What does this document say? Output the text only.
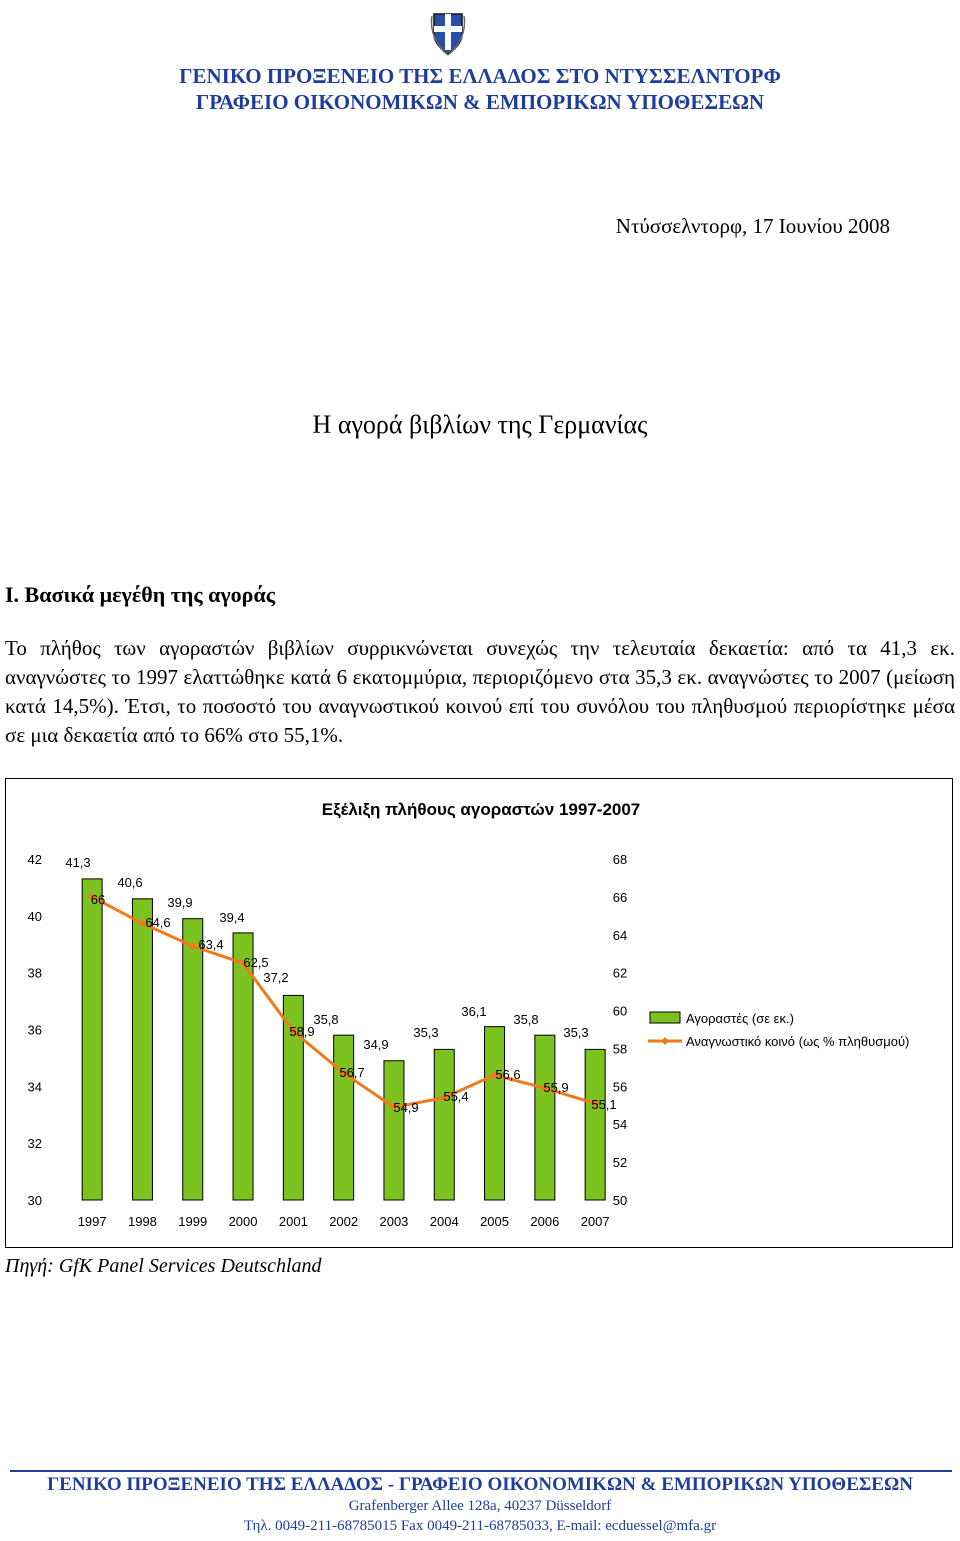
ΓΕΝΙΚΟ ΠΡΟΞΕΝΕΙΟ ΤΗΣ ΕΛΛΑΔΟΣ ΣΤΟ ΝΤΥΣΣΕΛΝΤΟΡΦ
ΓΡΑΦΕΙΟ ΟΙΚΟΝΟΜΙΚΩΝ & ΕΜΠΟΡΙΚΩΝ ΥΠΟΘΕΣΕΩΝ
Ντύσσελντορφ, 17 Ιουνίου 2008
Η αγορά βιβλίων της Γερμανίας
Ι. Βασικά μεγέθη της αγοράς
Το πλήθος των αγοραστών βιβλίων συρρικνώνεται συνεχώς την τελευταία δεκαετία: από τα 41,3 εκ. αναγνώστες το 1997 ελαττώθηκε κατά 6 εκατομμύρια, περιοριζόμενο στα 35,3 εκ. αναγνώστες το 2007 (μείωση κατά 14,5%). Έτσι, το ποσοστό του αναγνωστικού κοινού επί του συνόλου του πληθυσμού περιορίστηκε μέσα σε μια δεκαετία από το 66% στο 55,1%.
Εξέλιξη πλήθους αγοραστών 1997-2007
30
32
34
36
38
40
42
50
52
54
56
58
60
62
64
66
68
41,3
40,6
39,9
39,4
37,2
35,8
34,9
35,3
36,1
35,8
35,3
66
64,6
63,4
62,5
58,9
56,7
54,9
55,4
56,6
55,9
55,1
1997 1998 1999 2000 2001 2002 2003 2004 2005 2006 2007
Αγοραστές (σε εκ.)
Αναγνωστικό κοινό (ως % πληθυσμού)
Πηγή: GfK Panel Services Deutschland
ΓΕΝΙΚΟ ΠΡΟΞΕΝΕΙΟ ΤΗΣ ΕΛΛΑΔΟΣ - ΓΡΑΦΕΙΟ ΟΙΚΟΝΟΜΙΚΩΝ & ΕΜΠΟΡΙΚΩΝ ΥΠΟΘΕΣΕΩΝ
Grafenberger Allee 128a, 40237 Düsseldorf
Τηλ. 0049-211-68785015 Fax 0049-211-68785033, E-mail: ecduessel@mfa.gr
